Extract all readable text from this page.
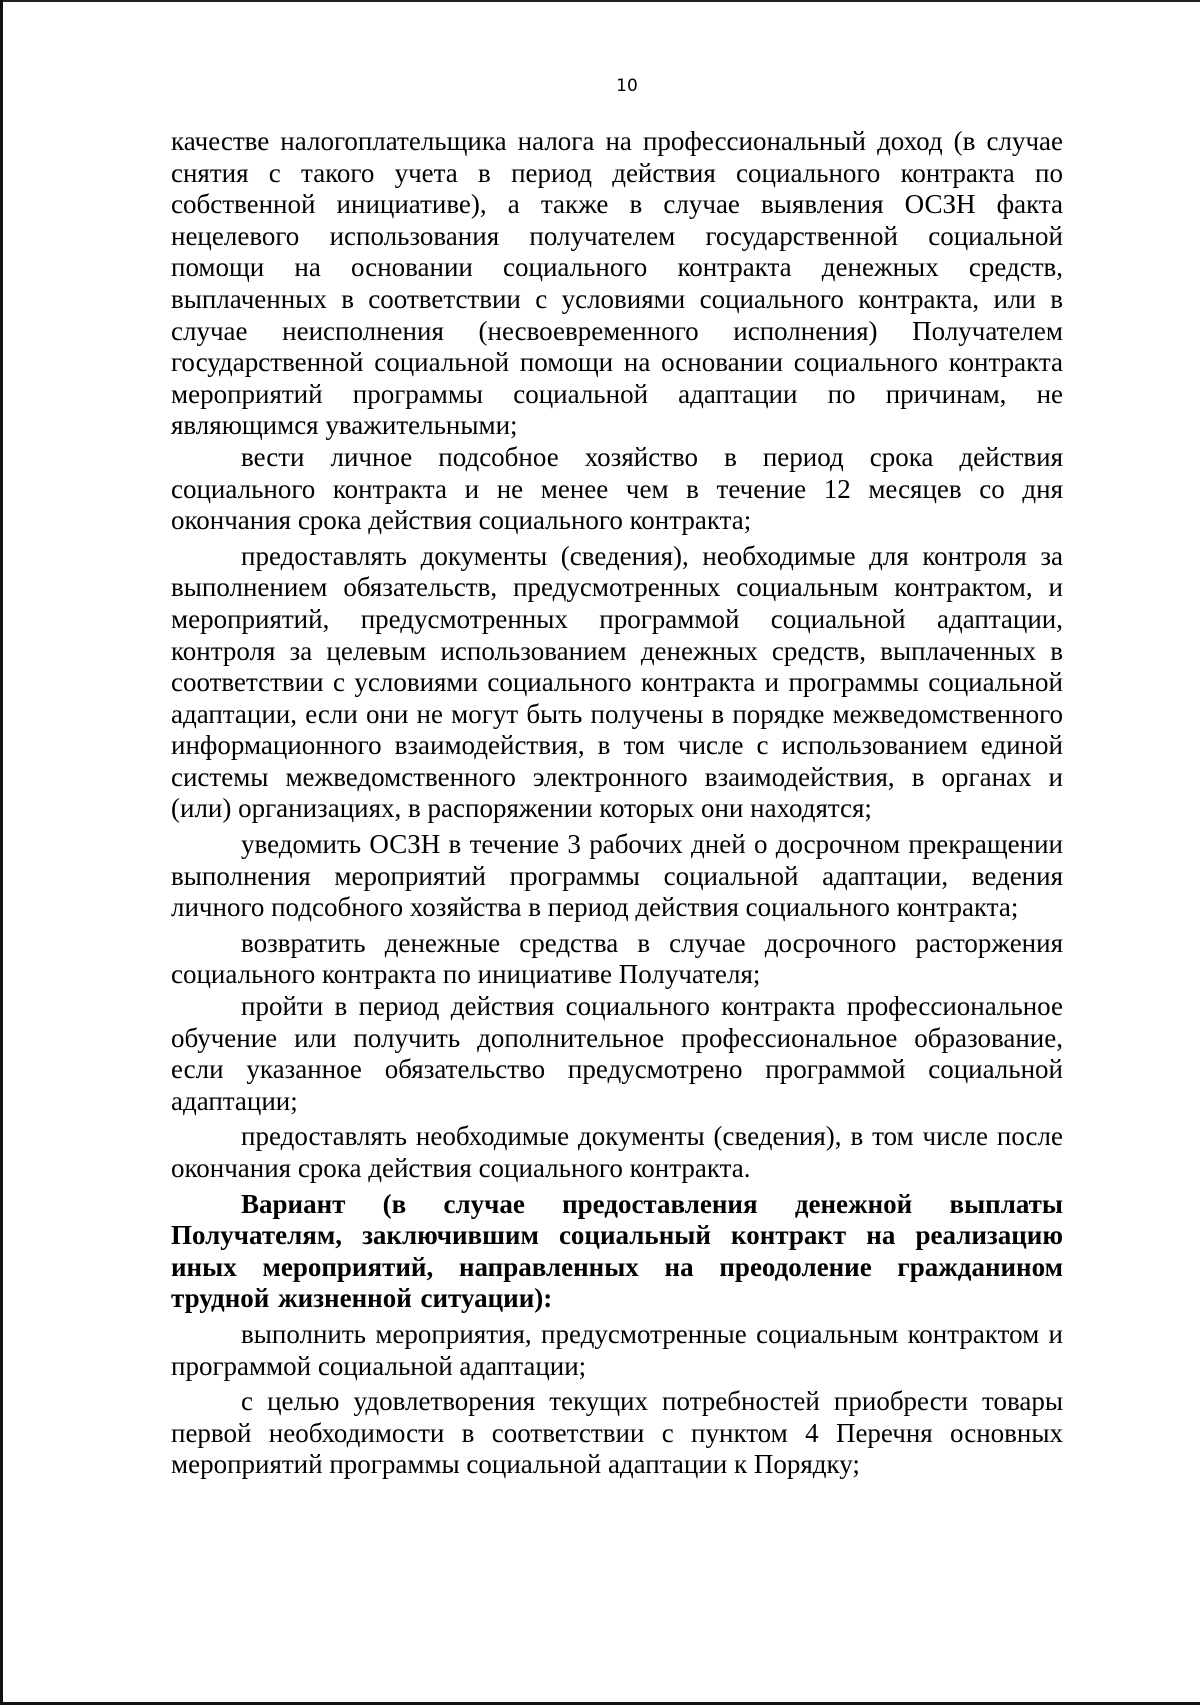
10

качестве налогоплательщика налога на профессиональный доход (в случае снятия с такого учета в период действия социального контракта по собственной инициативе), а также в случае выявления ОСЗН факта нецелевого использования получателем государственной социальной помощи на основании социального контракта денежных средств, выплаченных в соответствии с условиями социального контракта, или в случае неисполнения (несвоевременного исполнения) Получателем государственной социальной помощи на основании социального контракта мероприятий программы социальной адаптации по причинам, не являющимся уважительными;

вести личное подсобное хозяйство в период срока действия социального контракта и не менее чем в течение 12 месяцев со дня окончания срока действия социального контракта;

предоставлять документы (сведения), необходимые для контроля за выполнением обязательств, предусмотренных социальным контрактом, и мероприятий, предусмотренных программой социальной адаптации, контроля за целевым использованием денежных средств, выплаченных в соответствии с условиями социального контракта и программы социальной адаптации, если они не могут быть получены в порядке межведомственного информационного взаимодействия, в том числе с использованием единой системы межведомственного электронного взаимодействия, в органах и (или) организациях, в распоряжении которых они находятся;

уведомить ОСЗН в течение 3 рабочих дней о досрочном прекращении выполнения мероприятий программы социальной адаптации, ведения личного подсобного хозяйства в период действия социального контракта;

возвратить денежные средства в случае досрочного расторжения социального контракта по инициативе Получателя;

пройти в период действия социального контракта профессиональное обучение или получить дополнительное профессиональное образование, если указанное обязательство предусмотрено программой социальной адаптации;

предоставлять необходимые документы (сведения), в том числе после окончания срока действия социального контракта.

Вариант (в случае предоставления денежной выплаты Получателям, заключившим социальный контракт на реализацию иных мероприятий, направленных на преодоление гражданином трудной жизненной ситуации):

выполнить мероприятия, предусмотренные социальным контрактом и программой социальной адаптации;

с целью удовлетворения текущих потребностей приобрести товары первой необходимости в соответствии с пунктом 4 Перечня основных мероприятий программы социальной адаптации к Порядку;
